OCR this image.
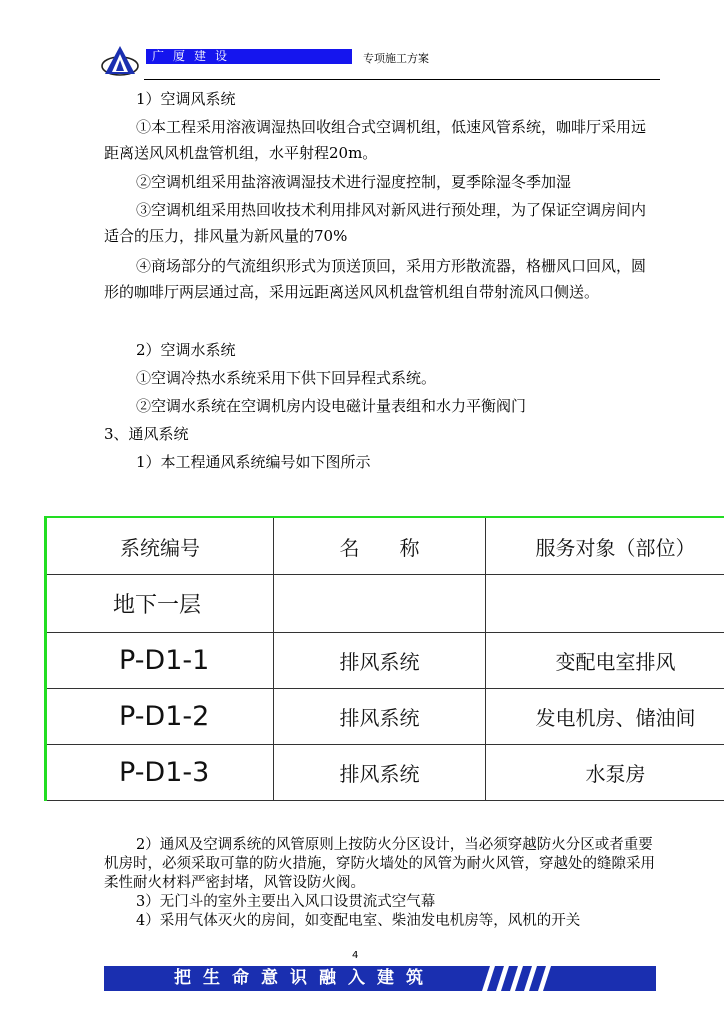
广厦建设	专项施工方案

1）空调风系统

①本工程采用溶液调湿热回收组合式空调机组，低速风管系统，咖啡厅采用远距离送风风机盘管机组，水平射程20m。

②空调机组采用盐溶液调湿技术进行湿度控制，夏季除湿冬季加湿

③空调机组采用热回收技术利用排风对新风进行预处理，为了保证空调房间内适合的压力，排风量为新风量的70%

④商场部分的气流组织形式为顶送顶回，采用方形散流器，格栅风口回风，圆形的咖啡厅两层通过高，采用远距离送风风机盘管机组自带射流风口侧送。

2）空调水系统

①空调冷热水系统采用下供下回异程式系统。

②空调水系统在空调机房内设电磁计量表组和水力平衡阀门

3、通风系统

1）本工程通风系统编号如下图所示

系统编号	名　　称	服务对象（部位）
地下一层		
P-D1-1	排风系统	变配电室排风
P-D1-2	排风系统	发电机房、储油间
P-D1-3	排风系统	水泵房

2）通风及空调系统的风管原则上按防火分区设计，当必须穿越防火分区或者重要机房时，必须采取可靠的防火措施，穿防火墙处的风管为耐火风管，穿越处的缝隙采用柔性耐火材料严密封堵，风管设防火阀。

3）无门斗的室外主要出入风口设贯流式空气幕

4）采用气体灭火的房间，如变配电室、柴油发电机房等，风机的开关

4
把生命意识融入建筑
